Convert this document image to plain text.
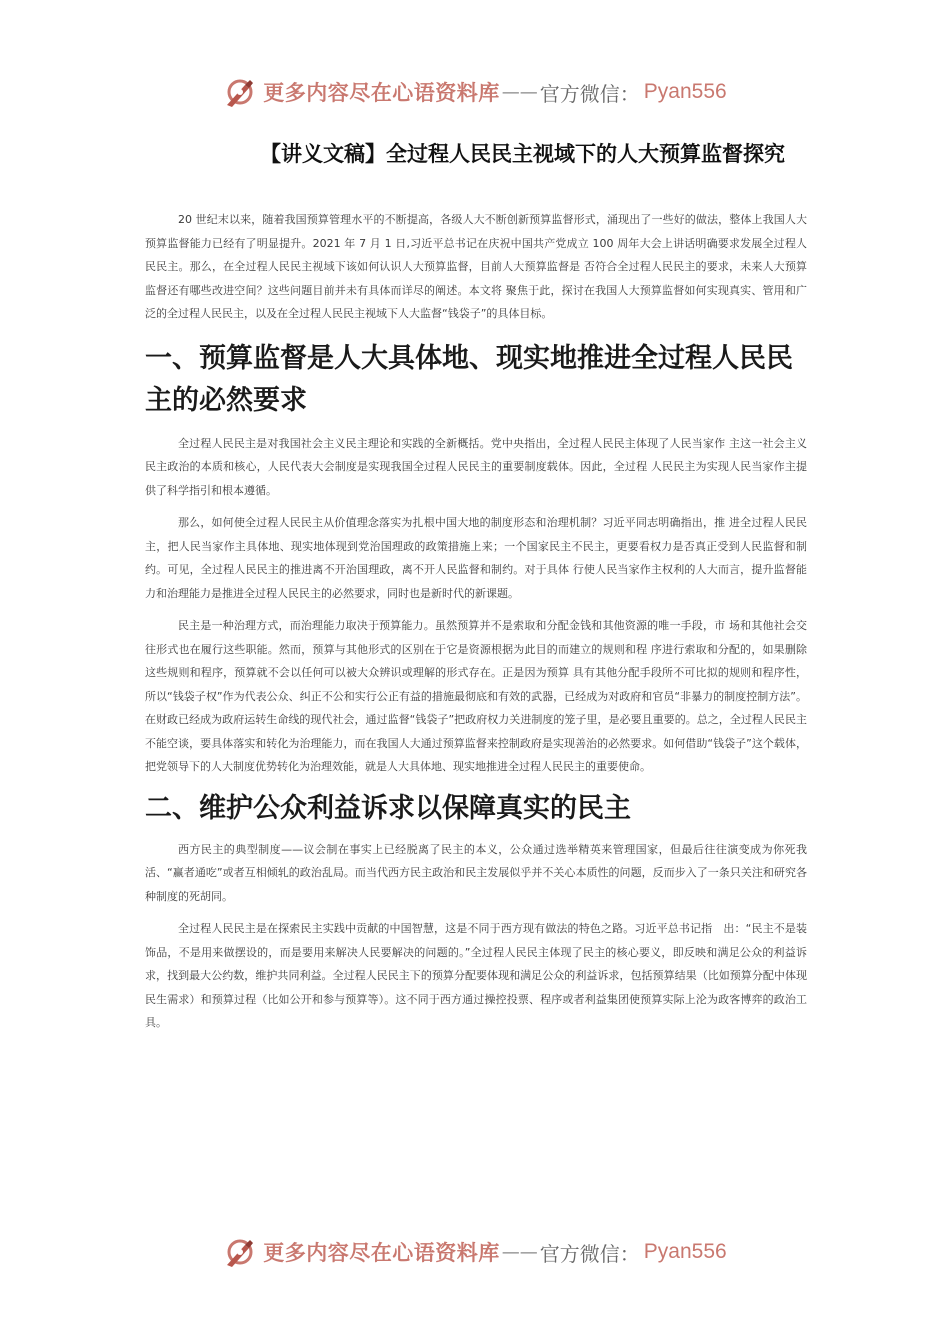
更多内容尽在心语资料库 —— 官方微信： Pyan556
【讲义文稿】全过程人民民主视域下的人大预算监督探究

20 世纪末以来，随着我国预算管理水平的不断提高，各级人大不断创新预算监督形式，涌现出了一些好的做法，整体上我国人大预算监督能力已经有了明显提升。2021 年 7 月 1 日,习近平总书记在庆祝中国共产党成立 100 周年大会上讲话明确要求发展全过程人民民主。那么，在全过程人民民主视域下该如何认识人大预算监督，目前人大预算监督是 否符合全过程人民民主的要求，未来人大预算监督还有哪些改进空间？这些问题目前并未有具体而详尽的阐述。本文将 聚焦于此，探讨在我国人大预算监督如何实现真实、管用和广泛的全过程人民民主，以及在全过程人民民主视域下人大监督“钱袋子”的具体目标。

一、预算监督是人大具体地、现实地推进全过程人民民主的必然要求

全过程人民民主是对我国社会主义民主理论和实践的全新概括。党中央指出，全过程人民民主体现了人民当家作 主这一社会主义民主政治的本质和核心，人民代表大会制度是实现我国全过程人民民主的重要制度载体。因此，全过程 人民民主为实现人民当家作主提供了科学指引和根本遵循。

那么，如何使全过程人民民主从价值理念落实为扎根中国大地的制度形态和治理机制？习近平同志明确指出，推 进全过程人民民主，把人民当家作主具体地、现实地体现到党治国理政的政策措施上来；一个国家民主不民主，更要看权力是否真正受到人民监督和制约。可见，全过程人民民主的推进离不开治国理政，离不开人民监督和制约。对于具体 行使人民当家作主权利的人大而言，提升监督能力和治理能力是推进全过程人民民主的必然要求，同时也是新时代的新课题。

民主是一种治理方式，而治理能力取决于预算能力。虽然预算并不是索取和分配金钱和其他资源的唯一手段，市 场和其他社会交往形式也在履行这些职能。然而，预算与其他形式的区别在于它是资源根据为此目的而建立的规则和程 序进行索取和分配的，如果删除这些规则和程序，预算就不会以任何可以被大众辨识或理解的形式存在。正是因为预算 具有其他分配手段所不可比拟的规则和程序性，所以“钱袋子权”作为代表公众、纠正不公和实行公正有益的措施最彻底和有效的武器，已经成为对政府和官员“非暴力的制度控制方法”。在财政已经成为政府运转生命线的现代社会，通过监督“钱袋子”把政府权力关进制度的笼子里，是必要且重要的。总之，全过程人民民主不能空谈，要具体落实和转化为治理能力，而在我国人大通过预算监督来控制政府是实现善治的必然要求。如何借助“钱袋子”这个载体，把党领导下的人大制度优势转化为治理效能，就是人大具体地、现实地推进全过程人民民主的重要使命。

二、维护公众利益诉求以保障真实的民主

西方民主的典型制度——议会制在事实上已经脱离了民主的本义，公众通过选举精英来管理国家，但最后往往演变成为你死我活、“赢者通吃”或者互相倾轧的政治乱局。而当代西方民主政治和民主发展似乎并不关心本质性的问题，反而步入了一条只关注和研究各种制度的死胡同。

全过程人民民主是在探索民主实践中贡献的中国智慧，这是不同于西方现有做法的特色之路。习近平总书记指　出：“民主不是装饰品，不是用来做摆设的，而是要用来解决人民要解决的问题的。”全过程人民民主体现了民主的核心要义，即反映和满足公众的利益诉求，找到最大公约数，维护共同利益。全过程人民民主下的预算分配要体现和满足公众的利益诉求，包括预算结果（比如预算分配中体现民生需求）和预算过程（比如公开和参与预算等）。这不同于西方通过操控投票、程序或者利益集团使预算实际上沦为政客博弈的政治工具。

更多内容尽在心语资料库 —— 官方微信： Pyan556
